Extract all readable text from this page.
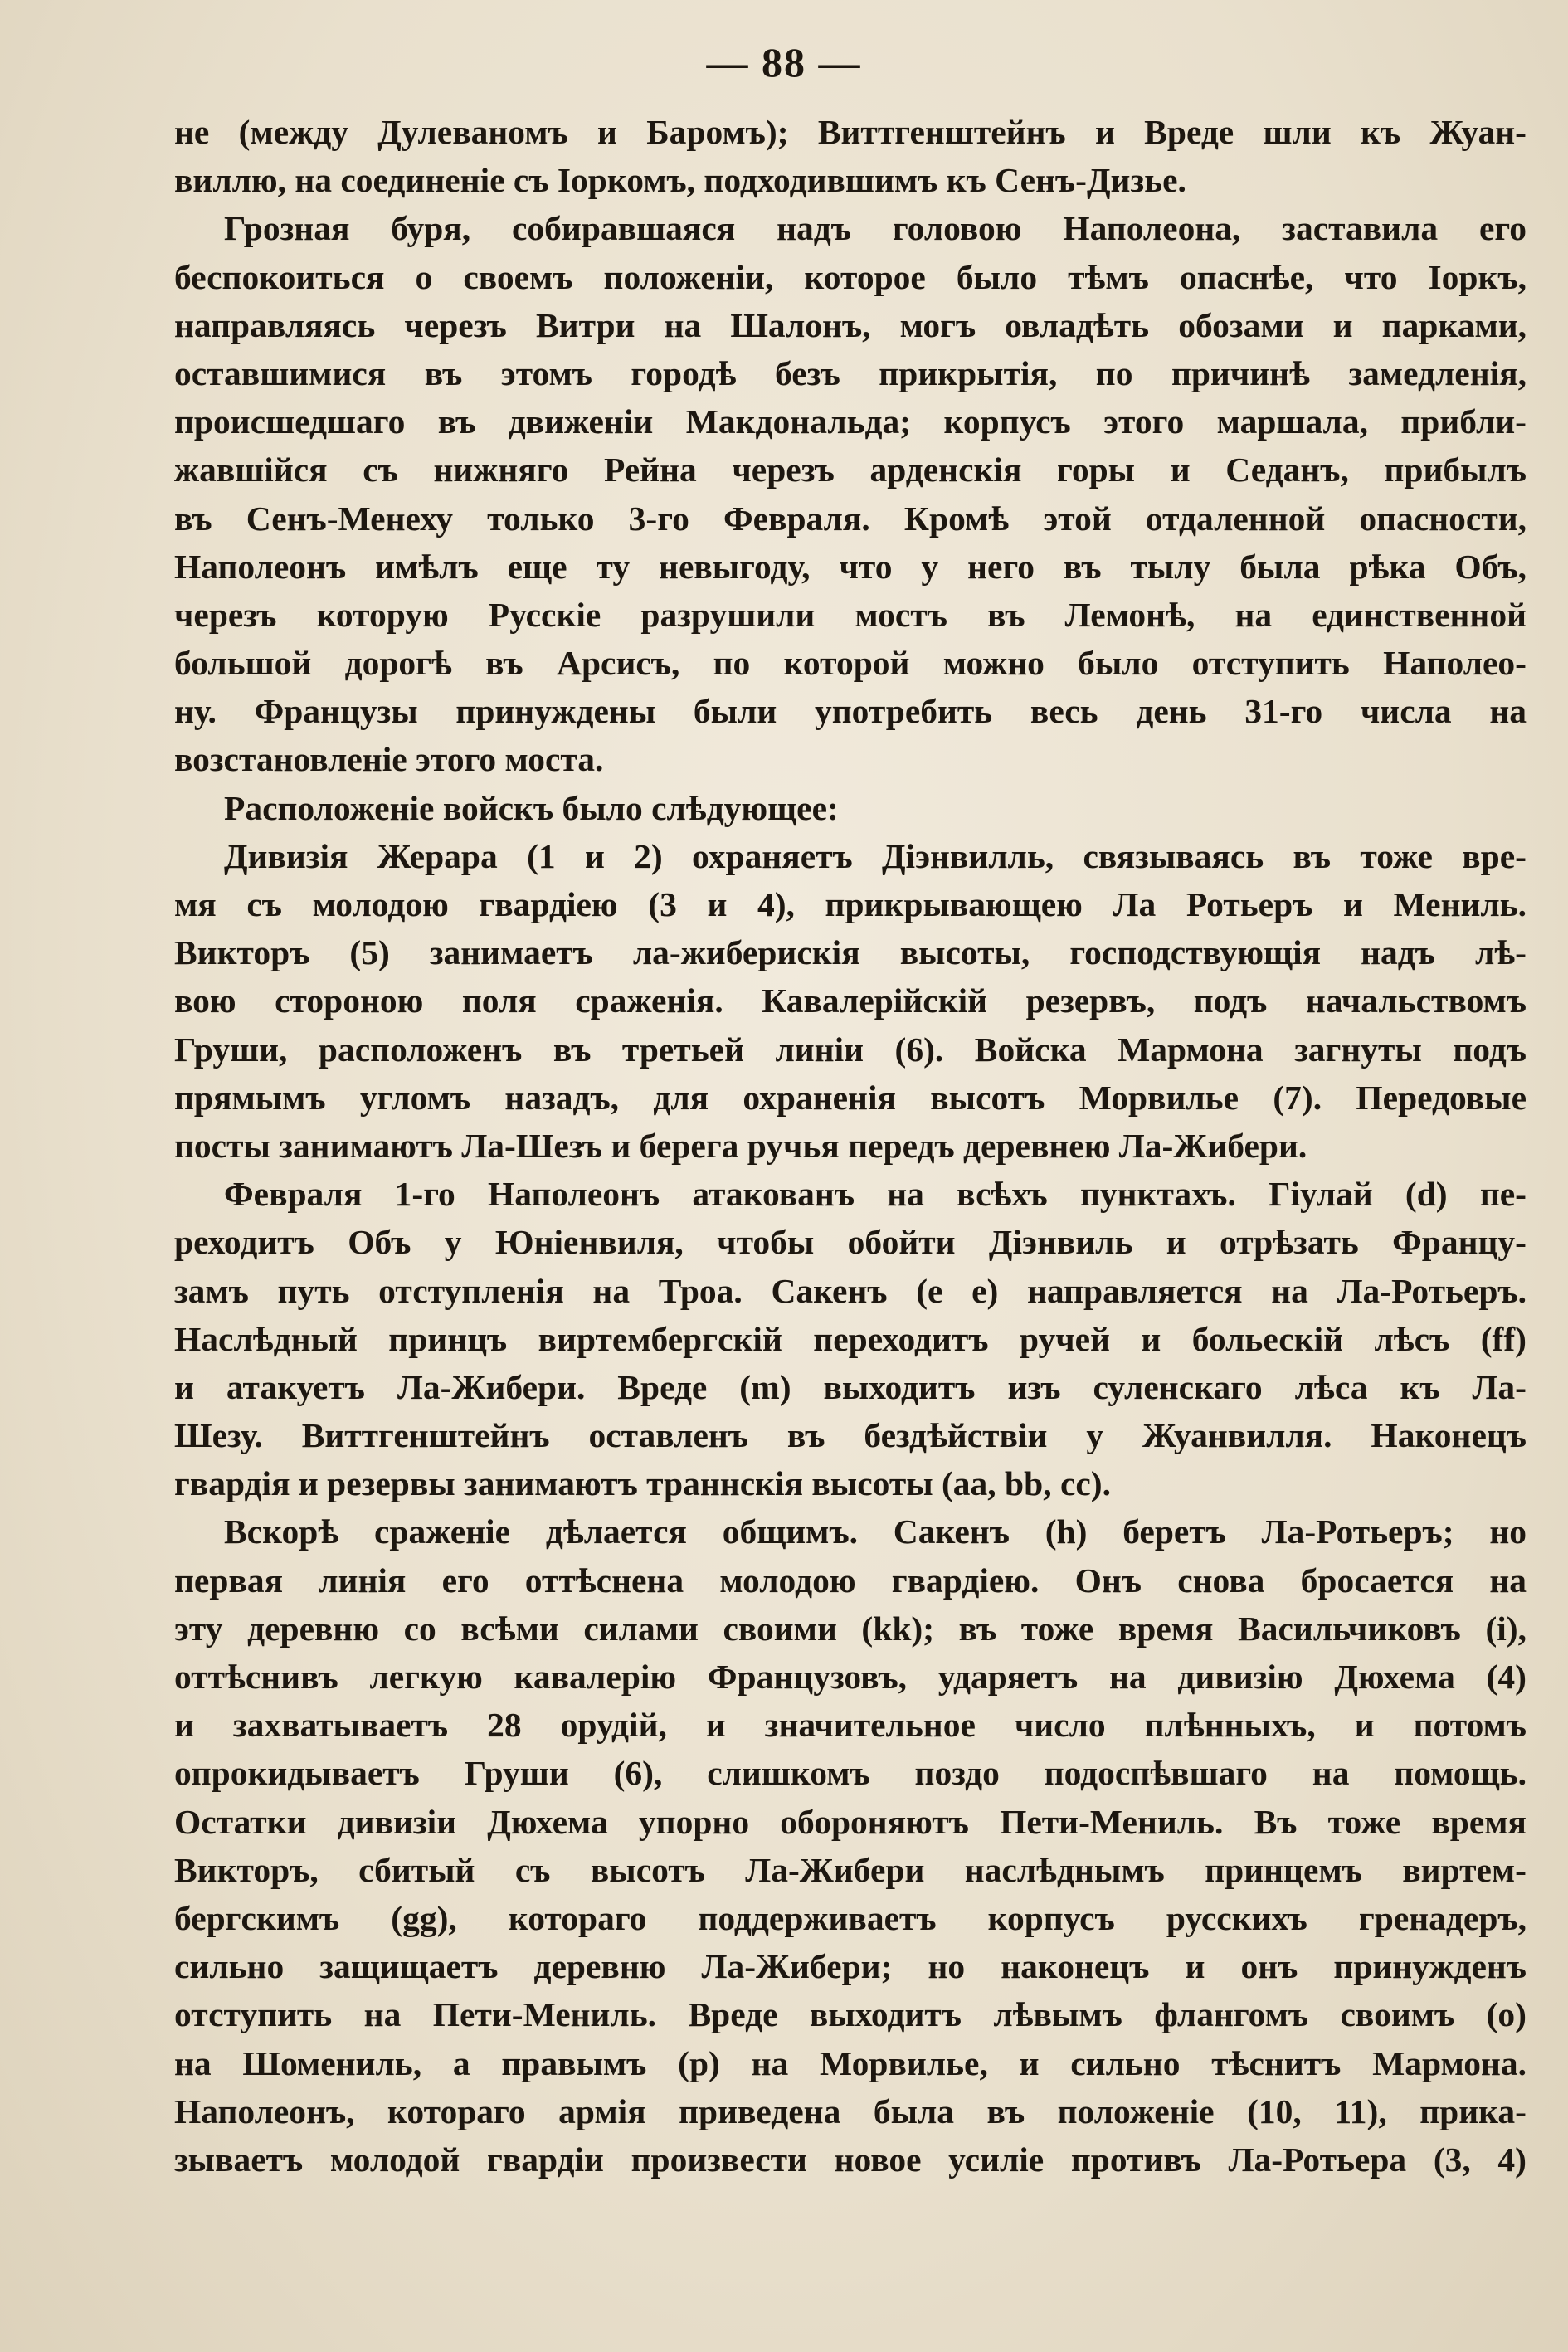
— 88 —
не (между Дулеваномъ и Баромъ); Виттгенштейнъ и Вреде шли къ Жуан-
виллю, на соединеніе съ Іоркомъ, подходившимъ къ Сенъ-Дизье.
Грозная буря, собиравшаяся надъ головою Наполеона, заставила его
беспокоиться о своемъ положеніи, которое было тѣмъ опаснѣе, что Іоркъ,
направляясь черезъ Витри на Шалонъ, могъ овладѣть обозами и парками,
оставшимися въ этомъ городѣ безъ прикрытія, по причинѣ замедленія,
происшедшаго въ движеніи Макдональда; корпусъ этого маршала, прибли-
жавшійся съ нижняго Рейна черезъ арденскія горы и Седанъ, прибылъ
въ Сенъ-Менеху только 3-го Февраля. Кромѣ этой отдаленной опасности,
Наполеонъ имѣлъ еще ту невыгоду, что у него въ тылу была рѣка Объ,
черезъ которую Русскіе разрушили мостъ въ Лемонѣ, на единственной
большой дорогѣ въ Арсисъ, по которой можно было отступить Наполео-
ну. Французы принуждены были употребить весь день 31-го числа на
возстановленіе этого моста.
Расположеніе войскъ было слѣдующее:
Дивизія Жерара (1 и 2) охраняетъ Діэнвилль, связываясь въ тоже вре-
мя съ молодою гвардіею (3 и 4), прикрывающею Ла Ротьеръ и Мениль.
Викторъ (5) занимаетъ ла-жиберискія высоты, господствующія надъ лѣ-
вою стороною поля сраженія. Кавалерійскій резервъ, подъ начальствомъ
Груши, расположенъ въ третьей линіи (6). Войска Мармона загнуты подъ
прямымъ угломъ назадъ, для охраненія высотъ Морвилье (7). Передовые
посты занимаютъ Ла-Шезъ и берега ручья передъ деревнею Ла-Жибери.
Февраля 1-го Наполеонъ атакованъ на всѣхъ пунктахъ. Гіулай (d) пе-
реходитъ Объ у Юніенвиля, чтобы обойти Діэнвиль и отрѣзать Францу-
замъ путь отступленія на Троа. Сакенъ (e e) направляется на Ла-Ротьеръ.
Наслѣдный принцъ виртембергскій переходитъ ручей и больескій лѣсъ (ff)
и атакуетъ Ла-Жибери. Вреде (m) выходитъ изъ суленскаго лѣса къ Ла-
Шезу. Виттгенштейнъ оставленъ въ бездѣйствіи у Жуанвилля. Наконецъ
гвардія и резервы занимаютъ траннскія высоты (аа, bb, сс).
Вскорѣ сраженіе дѣлается общимъ. Сакенъ (h) беретъ Ла-Ротьеръ; но
первая линія его оттѣснена молодою гвардіею. Онъ снова бросается на
эту деревню со всѣми силами своими (kk); въ тоже время Васильчиковъ (i),
оттѣснивъ легкую кавалерію Французовъ, ударяетъ на дивизію Дюхема (4)
и захватываетъ 28 орудій, и значительное число плѣнныхъ, и потомъ
опрокидываетъ Груши (6), слишкомъ поздо подоспѣвшаго на помощь.
Остатки дивизіи Дюхема упорно обороняютъ Пети-Мениль. Въ тоже время
Викторъ, сбитый съ высотъ Ла-Жибери наслѣднымъ принцемъ виртем-
бергскимъ (gg), котораго поддерживаетъ корпусъ русскихъ гренадеръ,
сильно защищаетъ деревню Ла-Жибери; но наконецъ и онъ принужденъ
отступить на Пети-Мениль. Вреде выходитъ лѣвымъ флангомъ своимъ (o)
на Шомениль, а правымъ (p) на Морвилье, и сильно тѣснитъ Мармона.
Наполеонъ, котораго армія приведена была въ положеніе (10, 11), прика-
зываетъ молодой гвардіи произвести новое усиліе противъ Ла-Ротьера (3, 4)
